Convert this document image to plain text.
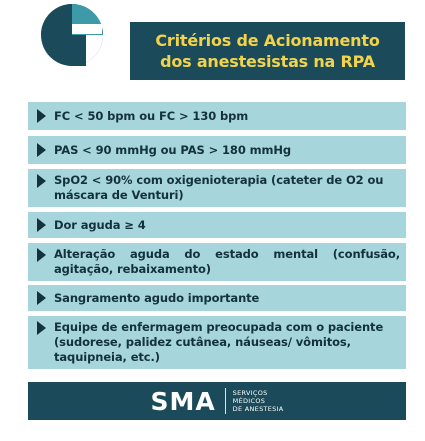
Critérios de Acionamento
dos anestesistas na RPA
FC < 50 bpm ou FC > 130 bpm
PAS < 90 mmHg ou PAS > 180 mmHg
SpO2 < 90% com oxigenioterapia (cateter de O2 ou máscara de Venturi)
Dor aguda ≥ 4
Alteração aguda do estado mental (confusão, agitação, rebaixamento)
Sangramento agudo importante
Equipe de enfermagem preocupada com o paciente (sudorese, palidez cutânea, náuseas/ vômitos, taquipneia, etc.)
SMA	SERVIÇOS
MÉDICOS
DE ANESTESIA
